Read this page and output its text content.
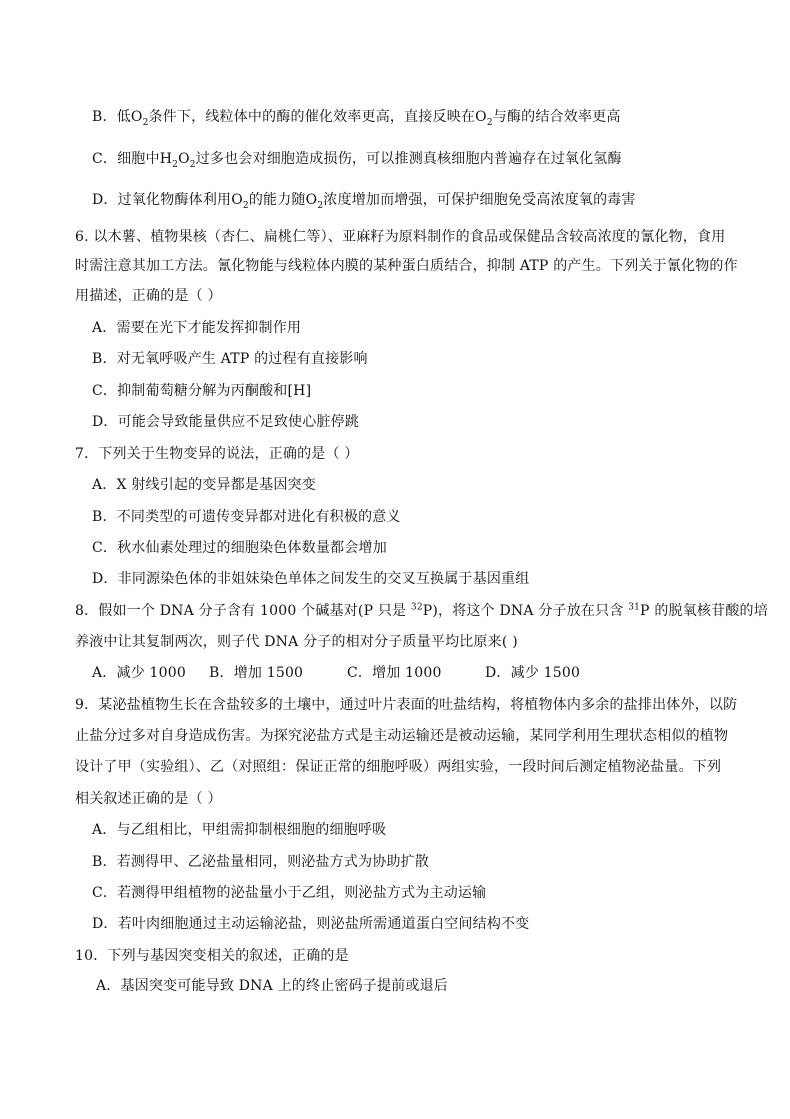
B．低$O_2$条件下，线粒体中的酶的催化效率更高，直接反映在$O_2$与酶的结合效率更高
C．细胞中$H_2O_2$过多也会对细胞造成损伤，可以推测真核细胞内普遍存在过氧化氢酶
D．过氧化物酶体利用$O_2$的能力随$O_2$浓度增加而增强，可保护细胞免受高浓度氧的毒害
6. 以木薯、植物果核（杏仁、扁桃仁等）、亚麻籽为原料制作的食品或保健品含较高浓度的氰化物，食用
时需注意其加工方法。氰化物能与线粒体内膜的某种蛋白质结合，抑制 ATP 的产生。下列关于氰化物的作
用描述，正确的是（ ）
A．需要在光下才能发挥抑制作用
B．对无氧呼吸产生 ATP 的过程有直接影响
C．抑制葡萄糖分解为丙酮酸和[H]
D．可能会导致能量供应不足致使心脏停跳
7．下列关于生物变异的说法，正确的是（ ）
A．X 射线引起的变异都是基因突变
B．不同类型的可遗传变异都对进化有积极的意义
C．秋水仙素处理过的细胞染色体数量都会增加
D．非同源染色体的非姐妹染色单体之间发生的交叉互换属于基因重组
8．假如一个 DNA 分子含有 1000 个碱基对(P 只是 $^{32}$P)，将这个 DNA 分子放在只含 $^{31}$P 的脱氧核苷酸的培
养液中让其复制两次，则子代 DNA 分子的相对分子质量平均比原来( )
A．减少 1000 B．增加 1500	C．增加 1000	D．减少 1500
9．某泌盐植物生长在含盐较多的土壤中，通过叶片表面的吐盐结构，将植物体内多余的盐排出体外，以防
止盐分过多对自身造成伤害。为探究泌盐方式是主动运输还是被动运输，某同学利用生理状态相似的植物
设计了甲（实验组）、乙（对照组：保证正常的细胞呼吸）两组实验，一段时间后测定植物泌盐量。下列
相关叙述正确的是（ ）
A．与乙组相比，甲组需抑制根细胞的细胞呼吸
B．若测得甲、乙泌盐量相同，则泌盐方式为协助扩散
C．若测得甲组植物的泌盐量小于乙组，则泌盐方式为主动运输
D．若叶肉细胞通过主动运输泌盐，则泌盐所需通道蛋白空间结构不变
10．下列与基因突变相关的叙述，正确的是
A．基因突变可能导致 DNA 上的终止密码子提前或退后
